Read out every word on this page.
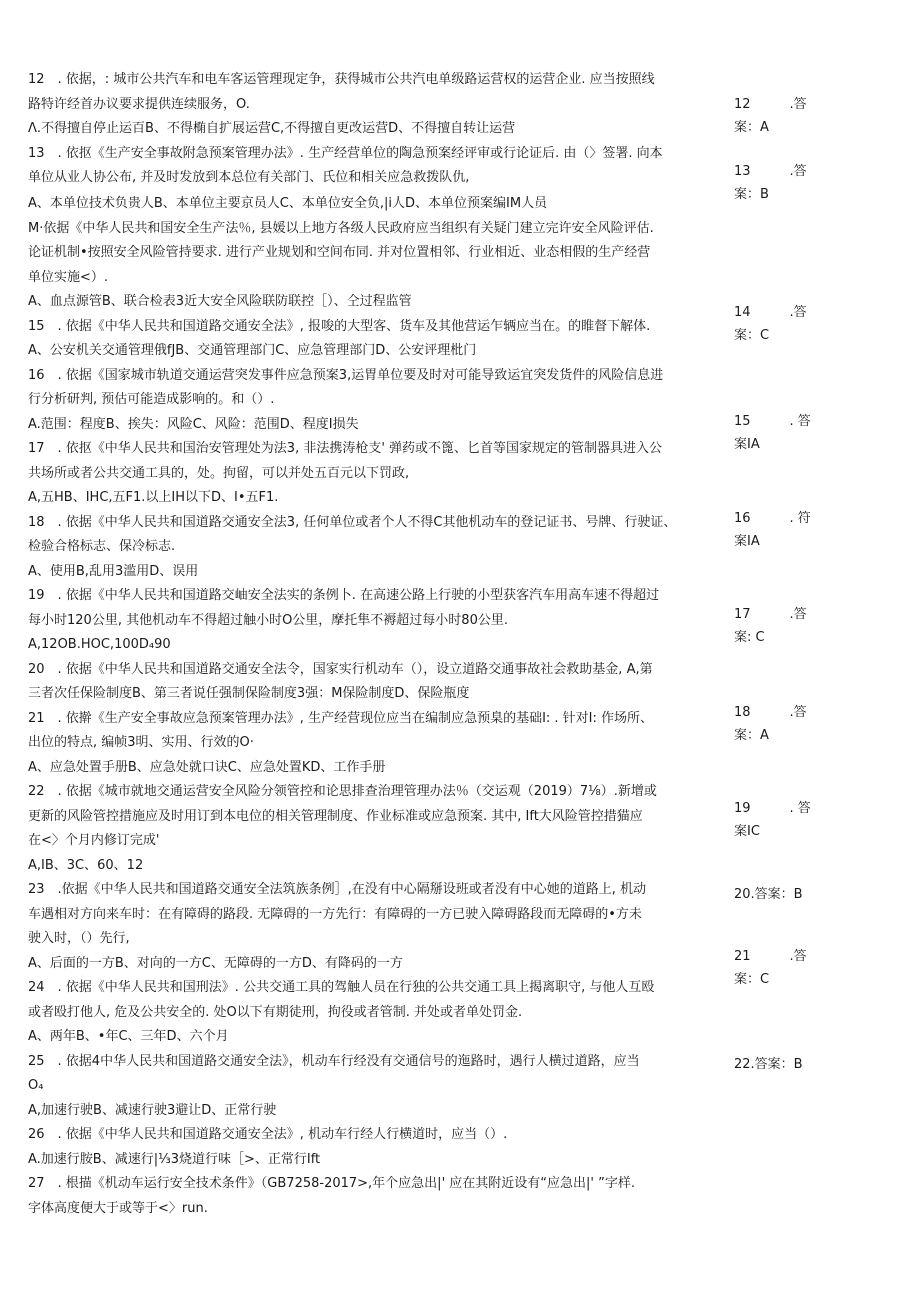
12　. 依据，: 城市公共汽车和电车客运管理现定争，获得城市公共汽电单级路运营权的运营企业. 应当按照线

路特许经首办议要求提供连续服务，O.

Λ.不得擅自停止运百B、不得椭自扩展运营C,不得擅自更改运营D、不得擅自转让运营

13　. 依抠《生产安全事故附急预案管理办法》. 生产经营单位的陶急预案经评审或行论证后. 由（〉签署. 向本

单位从业人协公布, 并及时发放到本总位有关部门、氏位和相关应急救拨队仇,

A、本单位技术负贵人B、本单位主要京员人C、本单位安全负,|i人D、本单位预案编IM人员

M·依据《中华人民共和国安全生产法％, 县媛以上地方各级人民政府应当组织有关疑门建立完许安全风险评估.

论证机制•按照安全风险管持要求. 进行产业规划和空间布同. 并对位置相邻、行业相近、业态相假的生产经营

单位实施<）.

A、血点源管B、联合检表3近大安全风险联防联控［）、仝过程监管

15　. 依据《中华人民共和国道路交通安全法》, 报唆的大型客、货车及其他营运乍辆应当在。的睢督下解体.

A、公安机关交通管理俄fJB、交通管理部门C、应急管理部门D、公安评理枇门

16　. 依据《国家城市轨道交通运营突发事件应急预案3,运胃单位要及时对可能导致运宜突发货件的风险信息进

行分析研判, 预估可能造成影响的。和（）.

A.范围：程度B、挨失：风险C、风险：范围D、程度I损失

17　. 依抠《中华人民共和国治安管理处为法3, 非法携涛枪支' 弹药或不篦、匕首等国家规定的管制器具进入公

共场所或者公共交通工具的，处。拘留，可以并处五百元以下罚政,

A,五HB、IHC,五F1.以上IH以下D、I•五F1.

18　. 依据《中华人民共和国道路交通安全法3, 任何单位或者个人不得C其他机动车的登记证书、号牌、行驶证、

检验合格标志、保冷标志.

A、使用B,乱用3滥用D、误用

19　. 依据《中华人民共和国道路交岫安全法实的条例卜. 在高速公路上行驶的小型获客汽车用高车速不得超过

每小时120公里, 其他机动车不得超过触小时O公里，摩托隼不褥超过每小时80公里.

A,12OB.HOC,100D₄90

20　. 依据《中华人民共和国道路交通安全法令，国家实行机动车（），设立道路交通事故社会救助基金, A,第

三者次任保险制度B、第三者说任强制保险制度3强：M保险制度D、保险瓶度

21　. 依擀《生产安全事故应急预案管理办法》, 生产经营现位应当在编制应急预臬的基础I: . 针对I: 作场所、

出位的特点, 编帧3明、实用、行效的O·

A、应急处置手册B、应急处就口诀C、应急处置KD、工作手册

22　. 依据《城市就地交通运营安全风险分领管控和论思排查治理管理办法％（交运观（2019）7⅛）.新增或

更新的风险管控措施应及时用订到本电位的相关管理制度、作业标准或应急预案. 其中, Ift大风险管控措猫应

在<〉个月内修订完成'

A,IB、3C、60、12

23　.依据《中华人民共和国道路交通安全法筑族条例］,在没有中心隔掰设班或者没有中心她的道路上, 机动

车遇相对方向来车时：在有障碍的路段. 无障碍的一方先行：有障碍的一方已驶入障碍路段而无障碍的•方未

驶入时，（）先行,

A、后面的一方B、对向的一方C、无障碍的一方D、有降码的一方

24　. 依据《中华人民共和国刑法》. 公共交通工具的驾触人员在行独的公共交通工具上揭离职守, 与他人互殴

或者殴打他人, 危及公共安全的. 处O以下有期徒刑，拘役或者管制. 并处或者单处罚金.

A、两年B、•年C、三年D、六个月

25　. 依据4中华人民共和国道路交通安全法》，机动车行经没有交通信号的迤路时，遇行人横过道路，应当

O₄

A,加速行驶B、减速行驶3避让D、正常行驶

26　. 依据《中华人民共和国道路交通安全法》, 机动车行经人行横道时，应当（）.

A.加速行胺B、减速行|⅓3烧道行味［>、正常行Ift

27　. 根描《机动车运行安全技术条件》（GB7258-2017>,年个应急出|' 应在其附近设有“应急出|' ”字样.

字体高度便大于或等于<〉run.

12　　　.答

案：A

13　　　.答

案：B

14　　　.答

案：C

15　　　. 答

案IA

16　　　. 符

案IA

17　　　.答

案: C

18　　　.答

案：A

19　　　. 答

案IC

20.答案：B

21　　　.答

案：C

22.答案：B
